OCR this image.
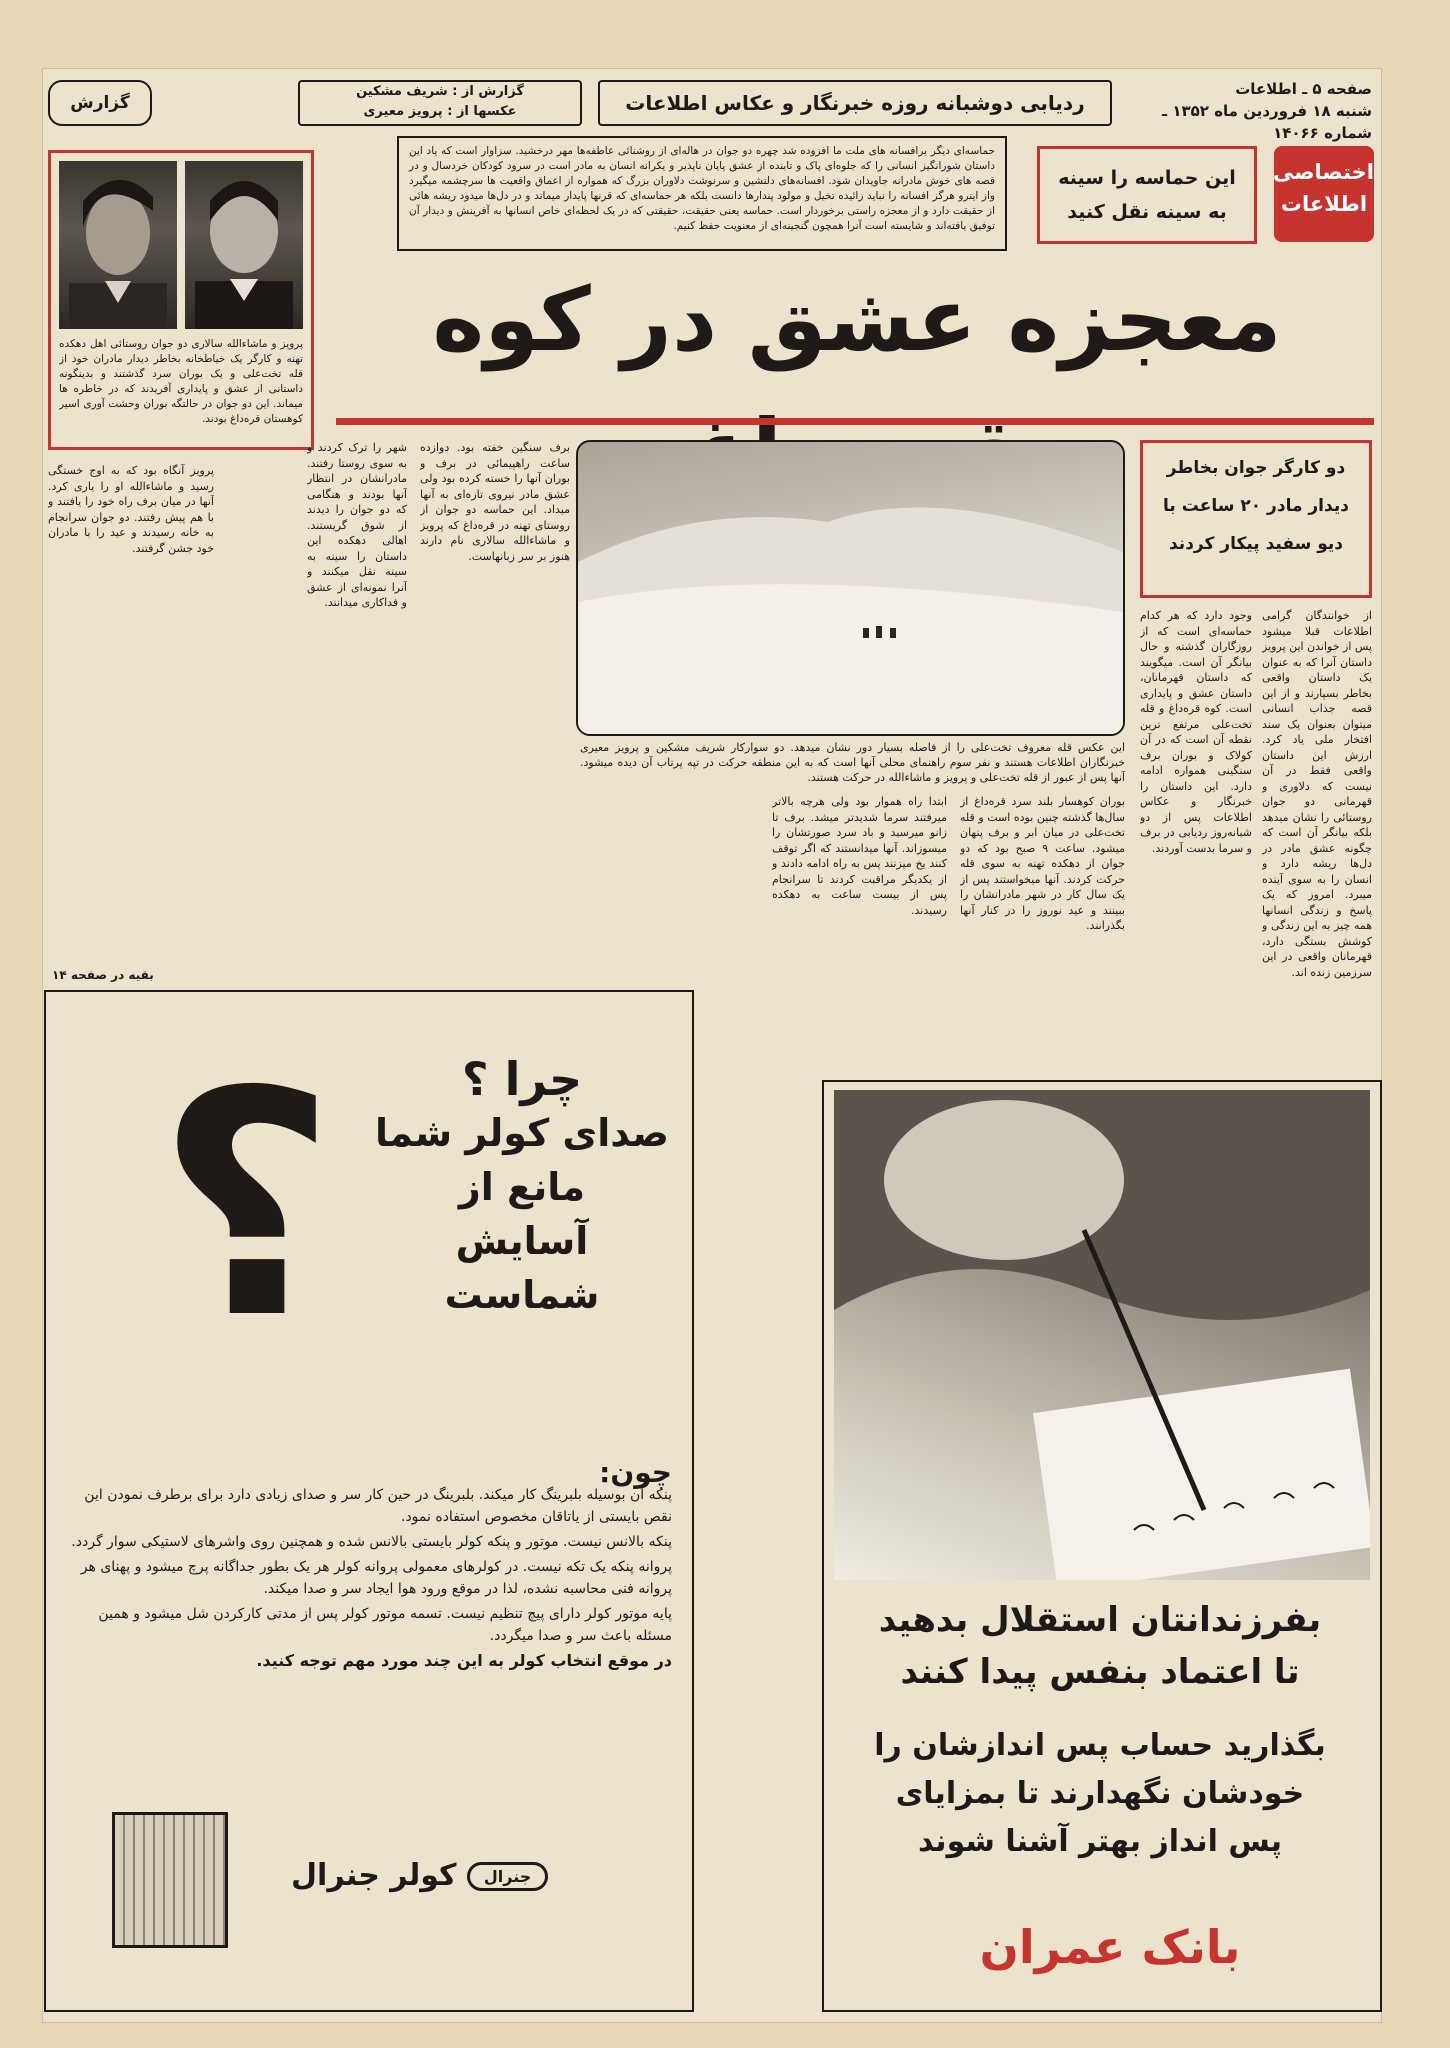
صفحه ۵ ـ اطلاعات
شنبه ۱۸ فروردین ماه ۱۳۵۲ ـ شماره ۱۴۰۶۶
ردیابی دوشبانه روزه خبرنگار و عکاس اطلاعات
گزارش از : شریف مشکین
عکسها از : پرویز معیری
گزارش
اختصاصی
اطلاعات
این حماسه را سینه
به سینه نقل کنید
حماسه‌ای دیگر برافسانه های ملت ما افزوده شد چهره دو جوان در هاله‌ای از روشنائی عاطفه‌ها مهر درخشید. سزاوار است که یاد این داستان شورانگیز انسانی را که جلوه‌ای پاک و تابنده از عشق پایان ناپذیر و یکرانه انسان به مادر است در سرود کودکان خردسال و در قصه های خوش مادرانه جاویدان شود. افسانه‌های دلنشین و سرنوشت دلاوران بزرگ که همواره از اعماق واقعیت ها سرچشمه میگیرد واز اینرو هرگز افسانه را نباید زائیده تخیل و مولود پندارها دانست بلکه هر حماسه‌ای که قرنها پایدار میماند و در دل‌ها میدود ریشه هائی از حقیقت دارد و از معجزه راستی برخوردار است. حماسه یعنی حقیقت، حقیقتی که در یک لحظه‌ای خاص انسانها به آفرینش و دیدار آن توفیق یافته‌اند و شایسته است آنرا همچون گنجینه‌ای از معنویت حفظ کنیم.
پرویز و ماشاءالله سالاری دو جوان روستائی اهل دهکده تهنه و کارگر یک خیاطخانه بخاطر دیدار مادران خود از قله تخت‌علی و یک بوران سرد گذشتند و بدینگونه داستانی از عشق و پایداری آفریدند که در خاطره ها میماند. این دو جوان در حالتگه بوران وحشت آوری اسیر کوهستان قره‌داغ بودند.
معجزه عشق در کوه
دو کارگر جوان بخاطر
دیدار مادر ۲۰ ساعت با
دیو سفید پیکار کردند
این عکس قله معروف تخت‌علی را از فاصله بسیار دور نشان میدهد. دو سوارکار شریف مشکین و پرویز معیری خبرنگاران اطلاعات هستند و نفر سوم راهنمای محلی آنها است که به این منطقه حرکت در تپه پرتاب آن دیده میشود. آنها پس از عبور از قله تخت‌علی و پرویز و ماشاءالله در حرکت هستند.
از خوانندگان گرامی اطلاعات قبلا میشود پس از خواندن این پرویز داستان آنرا که به عنوان یک داستان واقعی بخاطر بسپارند و از این قصه جذاب انسانی میتوان بعنوان یک سند افتخار ملی یاد کرد. ارزش این داستان واقعی فقط در آن نیست که دلاوری و قهرمانی دو جوان روستائی را نشان میدهد بلکه بیانگر آن است که چگونه عشق مادر در دل‌ها ریشه دارد و انسان را به سوی آینده میبرد. امروز که یک پاسخ و زندگی انسانها همه چیز به این زندگی و کوشش بستگی دارد، قهرمانان واقعی در این سرزمین زنده اند.
وجود دارد که هر کدام حماسه‌ای است که از روزگاران گذشته و حال بیانگر آن است. میگویند که داستان قهرمانان، داستان عشق و پایداری است. کوه قره‌داغ و قله تخت‌علی مرتفع ترین نقطه آن است که در آن کولاک و بوران برف سنگینی همواره ادامه دارد. این داستان را خبرنگار و عکاس اطلاعات پس از دو شبانه‌روز ردیابی در برف و سرما بدست آوردند.
بوران کوهسار بلند سرد قره‌داغ از سال‌ها گذشته چنین بوده است و قله تخت‌علی در میان ابر و برف پنهان میشود. ساعت ۹ صبح بود که دو جوان از دهکده تهنه به سوی قله حرکت کردند. آنها میخواستند پس از یک سال کار در شهر مادرانشان را ببینند و عید نوروز را در کنار آنها بگذرانند.
ابتدا راه هموار بود ولی هرچه بالاتر میرفتند سرما شدیدتر میشد. برف تا زانو میرسید و باد سرد صورتشان را میسوزاند. آنها میدانستند که اگر توقف کنند یخ میزنند پس به راه ادامه دادند و از یکدیگر مراقبت کردند تا سرانجام پس از بیست ساعت به دهکده رسیدند.
برف سنگین خفته بود. دوازده ساعت راهپیمائی در برف و بوران آنها را خسته کرده بود ولی عشق مادر نیروی تازه‌ای به آنها میداد. این حماسه دو جوان از روستای تهنه در قره‌داغ که پرویز و ماشاءالله سالاری نام دارند هنوز بر سر زبانهاست.
شهر را ترک کردند و به سوی روستا رفتند. مادرانشان در انتظار آنها بودند و هنگامی که دو جوان را دیدند از شوق گریستند. اهالی دهکده این داستان را سینه به سینه نقل میکنند و آنرا نمونه‌ای از عشق و فداکاری میدانند.
پرویز آنگاه بود که به اوج خستگی رسید و ماشاءالله او را یاری کرد. آنها در میان برف راه خود را یافتند و با هم پیش رفتند. دو جوان سرانجام به خانه رسیدند و عید را با مادران خود جشن گرفتند.
بقیه در صفحه ۱۴
؟	چرا ؟
صدای کولر شما
مانع از
آسایش شماست
چون:

پنکه آن بوسیله بلبرینگ کار میکند. بلبرینگ در حین کار سر و صدای زیادی دارد برای برطرف نمودن این نقص بایستی از یاتاقان مخصوص استفاده نمود.

پنکه بالانس نیست. موتور و پنکه کولر بایستی بالانس شده و همچنین روی واشرهای لاستیکی سوار گردد.

پروانه پنکه یک تکه نیست. در کولرهای معمولی پروانه کولر هر یک بطور جداگانه پرچ میشود و پهنای هر پروانه فنی محاسبه نشده، لذا در موقع ورود هوا ایجاد سر و صدا میکند.

پایه موتور کولر دارای پیچ تنظیم نیست. تسمه موتور کولر پس از مدتی کارکردن شل میشود و همین مسئله باعث سر و صدا میگردد.

در موقع انتخاب کولر به این چند مورد مهم توجه کنید.

جنرال کولر جنرال
بفرزندانتان استقلال بدهید
تا اعتماد بنفس پیدا کنند
بگذارید حساب پس اندازشان را
خودشان نگهدارند تا بمزایای
پس انداز بهتر آشنا شوند
بانک عمران
